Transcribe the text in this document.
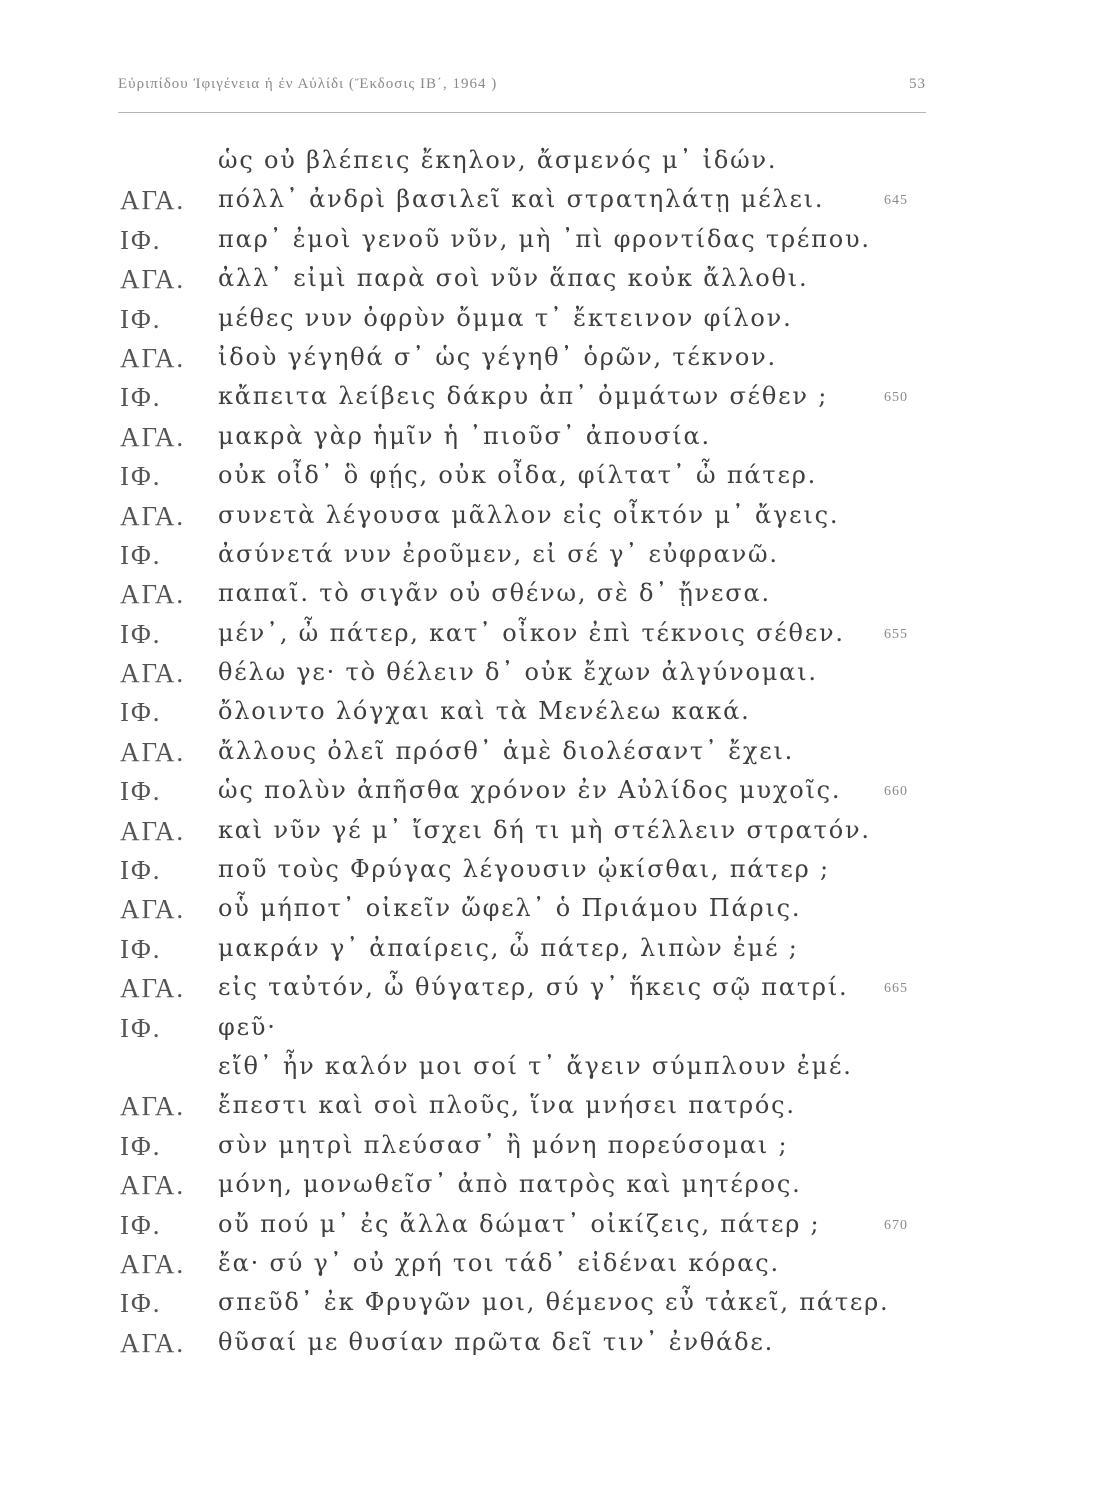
Εὐριπίδου Ἰφιγένεια ἡ ἐν Αὐλίδι (Ἔκδοσις ΙΒ΄, 1964 )	53
ὡς οὐ βλέπεις ἔκηλον, ἄσμενός μ᾽ ἰδών.
ΑΓΑ. πόλλ᾽ ἀνδρὶ βασιλεῖ καὶ στρατηλάτῃ μέλει.	645
ΙΦ. παρ᾽ ἐμοὶ γενοῦ νῦν, μὴ ᾽πὶ φροντίδας τρέπου.
ΑΓΑ. ἀλλ᾽ εἰμὶ παρὰ σοὶ νῦν ἅπας κοὐκ ἄλλοθι.
ΙΦ. μέθες νυν ὀφρὺν ὄμμα τ᾽ ἔκτεινον φίλον.
ΑΓΑ. ἰδοὺ γέγηθά σ᾽ ὡς γέγηθ᾽ ὁρῶν, τέκνον.
ΙΦ. κἄπειτα λείβεις δάκρυ ἀπ᾽ ὀμμάτων σέθεν ;	650
ΑΓΑ. μακρὰ γὰρ ἡμῖν ἡ ᾽πιοῦσ᾽ ἀπουσία.
ΙΦ. οὐκ οἶδ᾽ ὃ φῄς, οὐκ οἶδα, φίλτατ᾽ ὦ πάτερ.
ΑΓΑ. συνετὰ λέγουσα μᾶλλον εἰς οἶκτόν μ᾽ ἄγεις.
ΙΦ. ἀσύνετά νυν ἐροῦμεν, εἰ σέ γ᾽ εὐφρανῶ.
ΑΓΑ. παπαῖ. τὸ σιγᾶν οὐ σθένω, σὲ δ᾽ ᾔνεσα.
ΙΦ. μέν᾽, ὦ πάτερ, κατ᾽ οἶκον ἐπὶ τέκνοις σέθεν.	655
ΑΓΑ. θέλω γε· τὸ θέλειν δ᾽ οὐκ ἔχων ἀλγύνομαι.
ΙΦ. ὄλοιντο λόγχαι καὶ τὰ Μενέλεω κακά.
ΑΓΑ. ἄλλους ὀλεῖ πρόσθ᾽ ἁμὲ διολέσαντ᾽ ἔχει.
ΙΦ. ὡς πολὺν ἀπῆσθα χρόνον ἐν Αὐλίδος μυχοῖς.	660
ΑΓΑ. καὶ νῦν γέ μ᾽ ἴσχει δή τι μὴ στέλλειν στρατόν.
ΙΦ. ποῦ τοὺς Φρύγας λέγουσιν ᾠκίσθαι, πάτερ ;
ΑΓΑ. οὗ μήποτ᾽ οἰκεῖν ὤφελ᾽ ὁ Πριάμου Πάρις.
ΙΦ. μακράν γ᾽ ἀπαίρεις, ὦ πάτερ, λιπὼν ἐμέ ;
ΑΓΑ. εἰς ταὐτόν, ὦ θύγατερ, σύ γ᾽ ἥκεις σῷ πατρί.	665
ΙΦ. φεῦ·
εἴθ᾽ ἦν καλόν μοι σοί τ᾽ ἄγειν σύμπλουν ἐμέ.
ΑΓΑ. ἔπεστι καὶ σοὶ πλοῦς, ἵνα μνήσει πατρός.
ΙΦ. σὺν μητρὶ πλεύσασ᾽ ἢ μόνη πορεύσομαι ;
ΑΓΑ. μόνη, μονωθεῖσ᾽ ἀπὸ πατρὸς καὶ μητέρος.
ΙΦ. οὔ πού μ᾽ ἐς ἄλλα δώματ᾽ οἰκίζεις, πάτερ ;	670
ΑΓΑ. ἔα· σύ γ᾽ οὐ χρή τοι τάδ᾽ εἰδέναι κόρας.
ΙΦ. σπεῦδ᾽ ἐκ Φρυγῶν μοι, θέμενος εὖ τἀκεῖ, πάτερ.
ΑΓΑ. θῦσαί με θυσίαν πρῶτα δεῖ τιν᾽ ἐνθάδε.
